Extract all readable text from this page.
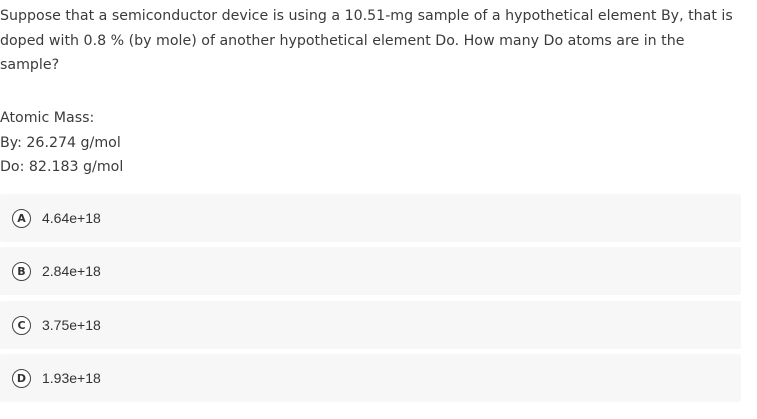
Suppose that a semiconductor device is using a 10.51-mg sample of a hypothetical element By, that is doped with 0.8 % (by mole) of another hypothetical element Do. How many Do atoms are in the sample?

Atomic Mass:
By: 26.274 g/mol
Do: 82.183 g/mol
A	4.64e+18
B	2.84e+18
C	3.75e+18
D	1.93e+18
